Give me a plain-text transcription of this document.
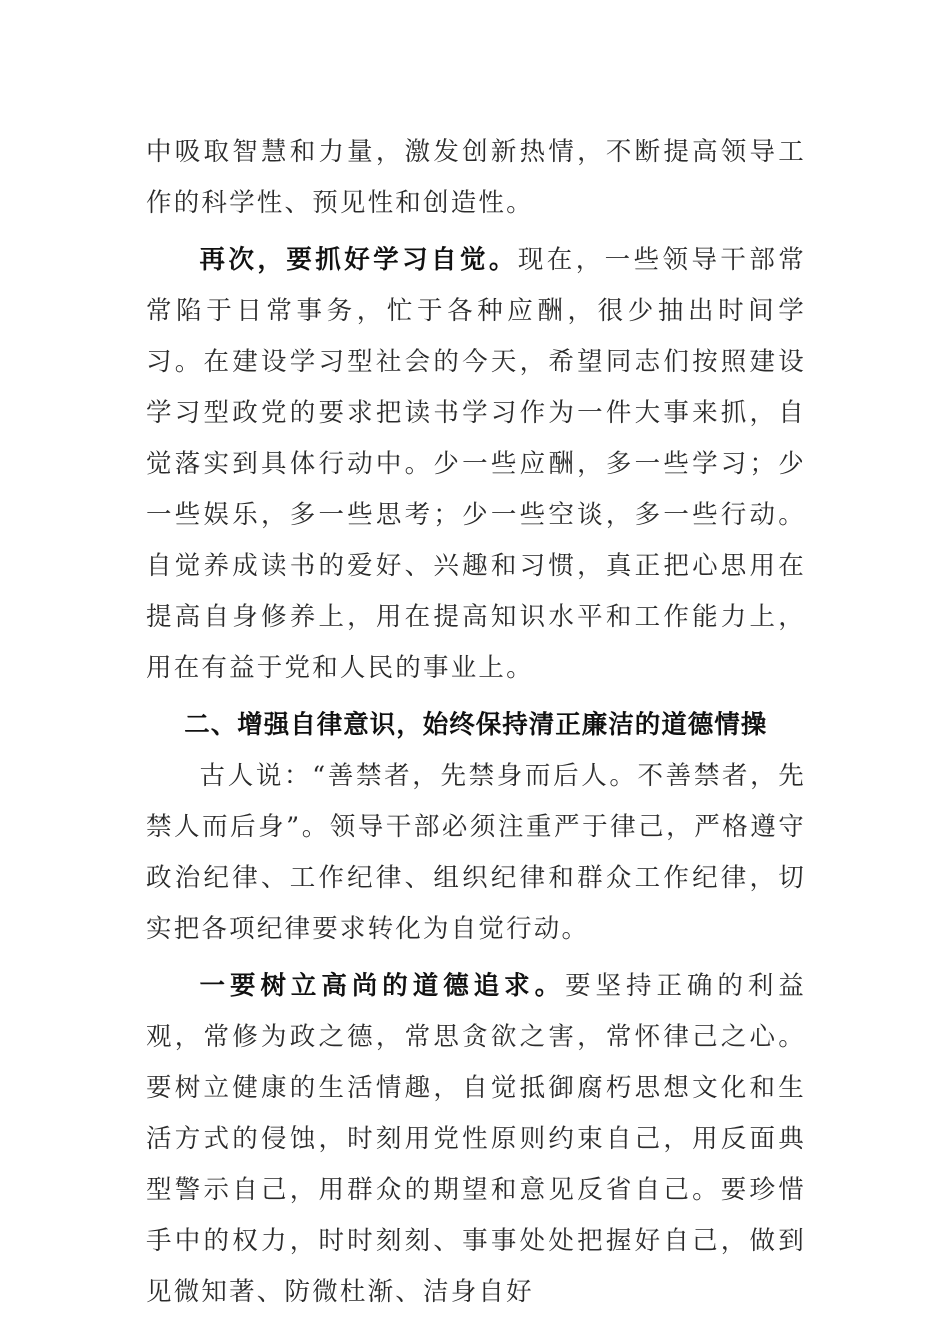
中吸取智慧和力量，激发创新热情，不断提高领导工作的科学性、预见性和创造性。

再次，要抓好学习自觉。现在，一些领导干部常常陷于日常事务，忙于各种应酬，很少抽出时间学习。在建设学习型社会的今天，希望同志们按照建设学习型政党的要求把读书学习作为一件大事来抓，自觉落实到具体行动中。少一些应酬，多一些学习；少一些娱乐，多一些思考；少一些空谈，多一些行动。自觉养成读书的爱好、兴趣和习惯，真正把心思用在提高自身修养上，用在提高知识水平和工作能力上，用在有益于党和人民的事业上。

二、增强自律意识，始终保持清正廉洁的道德情操

古人说：“善禁者，先禁身而后人。不善禁者，先禁人而后身”。领导干部必须注重严于律己，严格遵守政治纪律、工作纪律、组织纪律和群众工作纪律，切实把各项纪律要求转化为自觉行动。

一要树立高尚的道德追求。要坚持正确的利益观，常修为政之德，常思贪欲之害，常怀律己之心。要树立健康的生活情趣，自觉抵御腐朽思想文化和生活方式的侵蚀，时刻用党性原则约束自己，用反面典型警示自己，用群众的期望和意见反省自己。要珍惜手中的权力，时时刻刻、事事处处把握好自己，做到见微知著、防微杜渐、洁身自好
